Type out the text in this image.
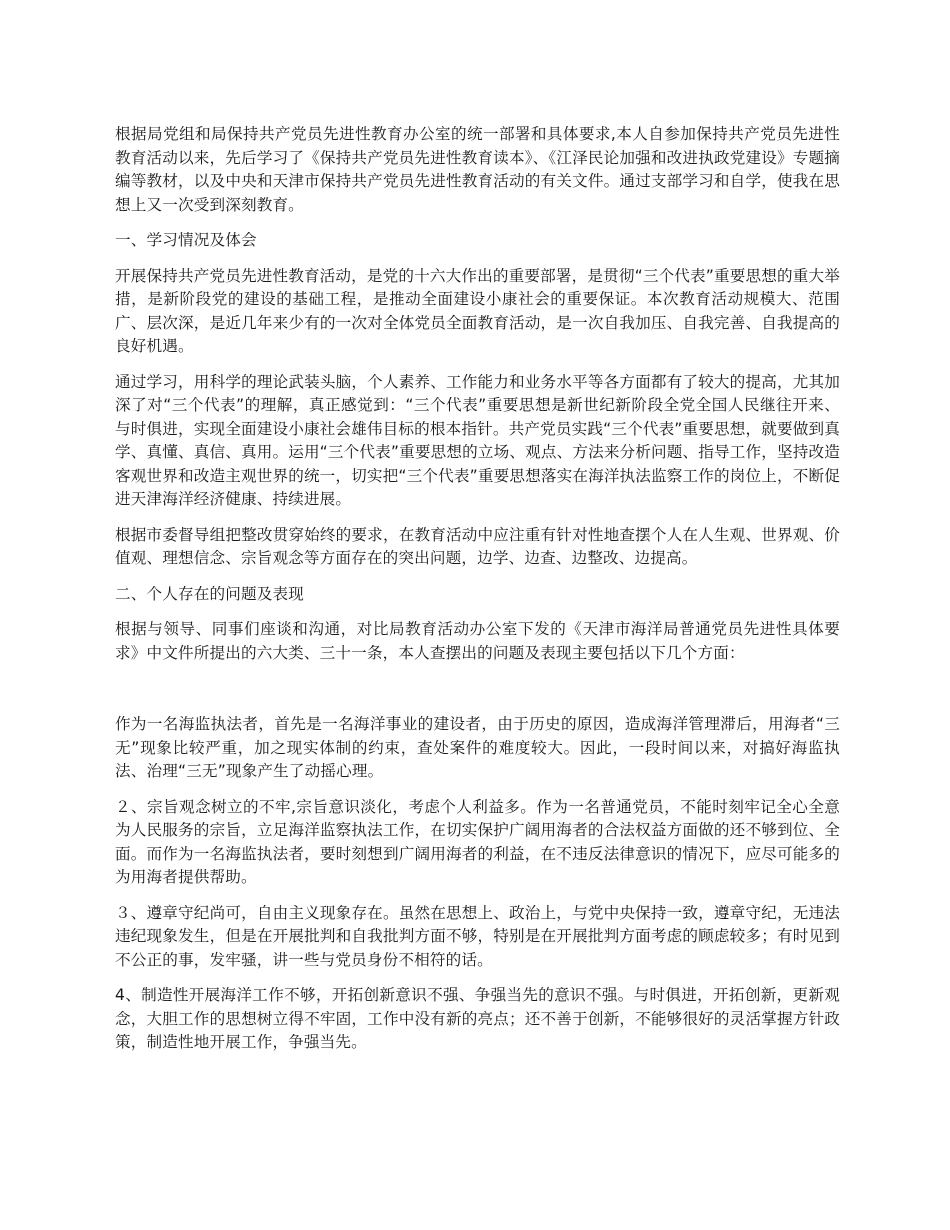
根据局党组和局保持共产党员先进性教育办公室的统一部署和具体要求,本人自参加保持共产党员先进性教育活动以来，先后学习了《保持共产党员先进性教育读本》、《江泽民论加强和改进执政党建设》专题摘编等教材，以及中央和天津市保持共产党员先进性教育活动的有关文件。通过支部学习和自学，使我在思想上又一次受到深刻教育。

一、学习情况及体会

开展保持共产党员先进性教育活动，是党的十六大作出的重要部署，是贯彻“三个代表”重要思想的重大举措，是新阶段党的建设的基础工程，是推动全面建设小康社会的重要保证。本次教育活动规模大、范围广、层次深，是近几年来少有的一次对全体党员全面教育活动，是一次自我加压、自我完善、自我提高的良好机遇。

通过学习，用科学的理论武装头脑，个人素养、工作能力和业务水平等各方面都有了较大的提高，尤其加深了对“三个代表”的理解，真正感觉到：“三个代表”重要思想是新世纪新阶段全党全国人民继往开来、与时俱进，实现全面建设小康社会雄伟目标的根本指针。共产党员实践“三个代表”重要思想，就要做到真学、真懂、真信、真用。运用“三个代表”重要思想的立场、观点、方法来分析问题、指导工作，坚持改造客观世界和改造主观世界的统一，切实把“三个代表”重要思想落实在海洋执法监察工作的岗位上，不断促进天津海洋经济健康、持续进展。

根据市委督导组把整改贯穿始终的要求，在教育活动中应注重有针对性地查摆个人在人生观、世界观、价值观、理想信念、宗旨观念等方面存在的突出问题，边学、边查、边整改、边提高。

二、个人存在的问题及表现

根据与领导、同事们座谈和沟通，对比局教育活动办公室下发的《天津市海洋局普通党员先进性具体要求》中文件所提出的六大类、三十一条，本人查摆出的问题及表现主要包括以下几个方面：

作为一名海监执法者，首先是一名海洋事业的建设者，由于历史的原因，造成海洋管理滞后，用海者“三无”现象比较严重，加之现实体制的约束，查处案件的难度较大。因此，一段时间以来，对搞好海监执法、治理“三无”现象产生了动摇心理。

２、宗旨观念树立的不牢,宗旨意识淡化，考虑个人利益多。作为一名普通党员，不能时刻牢记全心全意为人民服务的宗旨，立足海洋监察执法工作，在切实保护广阔用海者的合法权益方面做的还不够到位、全面。而作为一名海监执法者，要时刻想到广阔用海者的利益，在不违反法律意识的情况下，应尽可能多的为用海者提供帮助。

３、遵章守纪尚可，自由主义现象存在。虽然在思想上、政治上，与党中央保持一致，遵章守纪，无违法违纪现象发生，但是在开展批判和自我批判方面不够，特别是在开展批判方面考虑的顾虑较多；有时见到不公正的事，发牢骚，讲一些与党员身份不相符的话。

4、制造性开展海洋工作不够，开拓创新意识不强、争强当先的意识不强。与时俱进，开拓创新，更新观念，大胆工作的思想树立得不牢固，工作中没有新的亮点；还不善于创新，不能够很好的灵活掌握方针政策，制造性地开展工作，争强当先。
